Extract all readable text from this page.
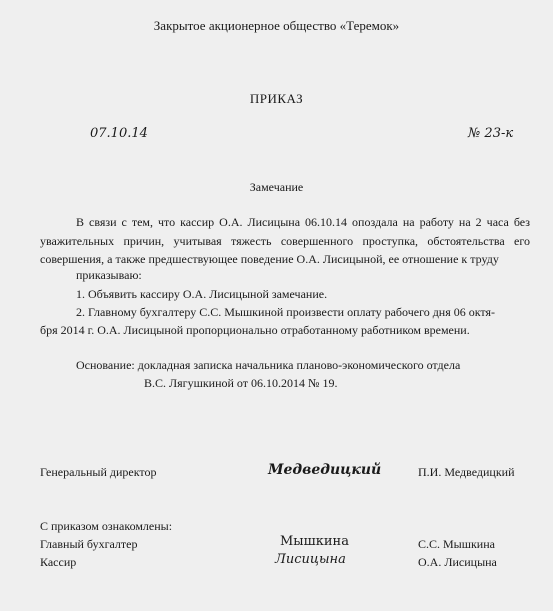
Закрытое акционерное общество «Теремок»
ПРИКАЗ
07.10.14	№ 23-к
Замечание
В связи с тем, что кассир О.А. Лисицына 06.10.14 опоздала на работу на 2 часа без уважительных причин, учитывая тяжесть совершенного проступка, обстоятельства его совершения, а также предшествующее поведение О.А. Лисицыной, ее отношение к труду
приказываю:
1. Объявить кассиру О.А. Лисицыной замечание.
2. Главному бухгалтеру С.С. Мышкиной произвести оплату рабочего дня 06 октя-
бря 2014 г. О.А. Лисицыной пропорционально отработанному работником времени.
Основание: докладная записка начальника планово-экономического отдела
В.С. Лягушкиной от 06.10.2014 № 19.
Генеральный директор	Медведицкий	П.И. Медведицкий
С приказом ознакомлены:
Главный бухгалтер	Мышкина	С.С. Мышкина
Кассир	Лисицына	О.А. Лисицына
